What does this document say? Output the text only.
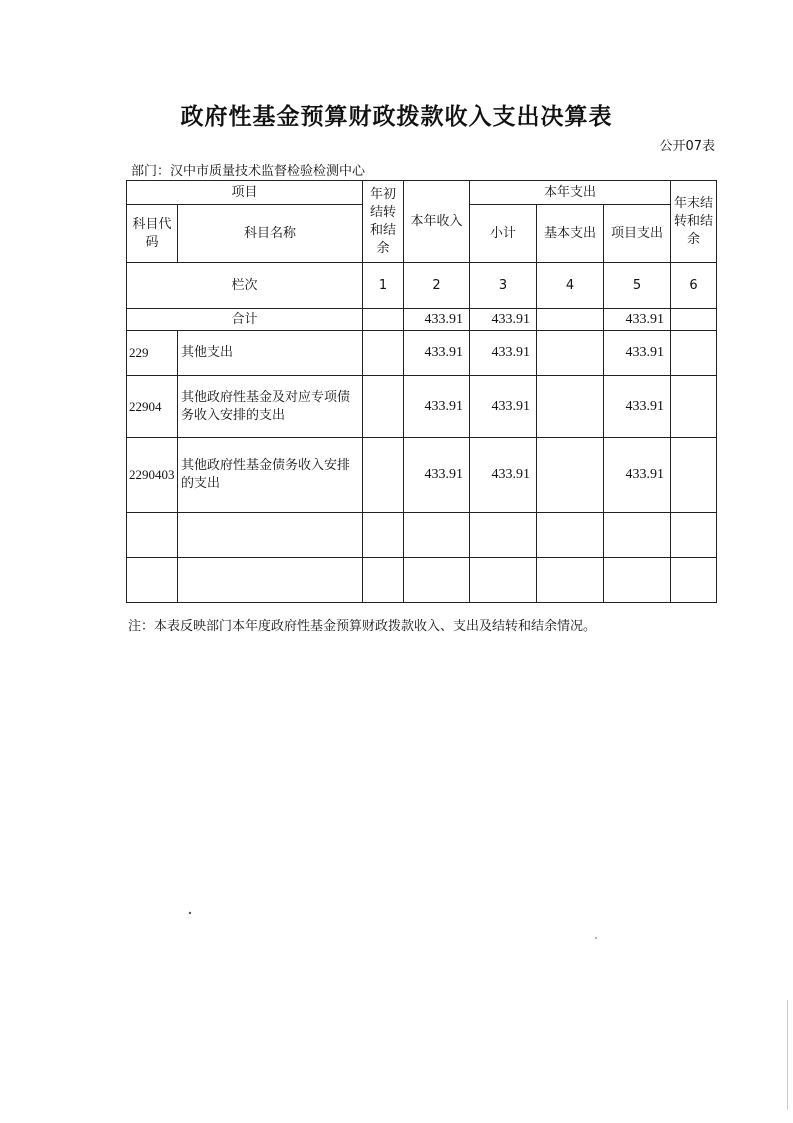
政府性基金预算财政拨款收入支出决算表
公开07表
部门：汉中市质量技术监督检验检测中心
项目		年初结转和结余	本年收入	本年支出			年末结转和结余
科目代码	科目名称			小计	基本支出	项目支出	
栏次		1	2	3	4	5	6
合计			433.91	433.91		433.91	
229	其他支出		433.91	433.91		433.91	
22904	其他政府性基金及对应专项债务收入安排的支出		433.91	433.91		433.91	
2290403	其他政府性基金债务收入安排的支出		433.91	433.91		433.91	

注：本表反映部门本年度政府性基金预算财政拨款收入、支出及结转和结余情况。
